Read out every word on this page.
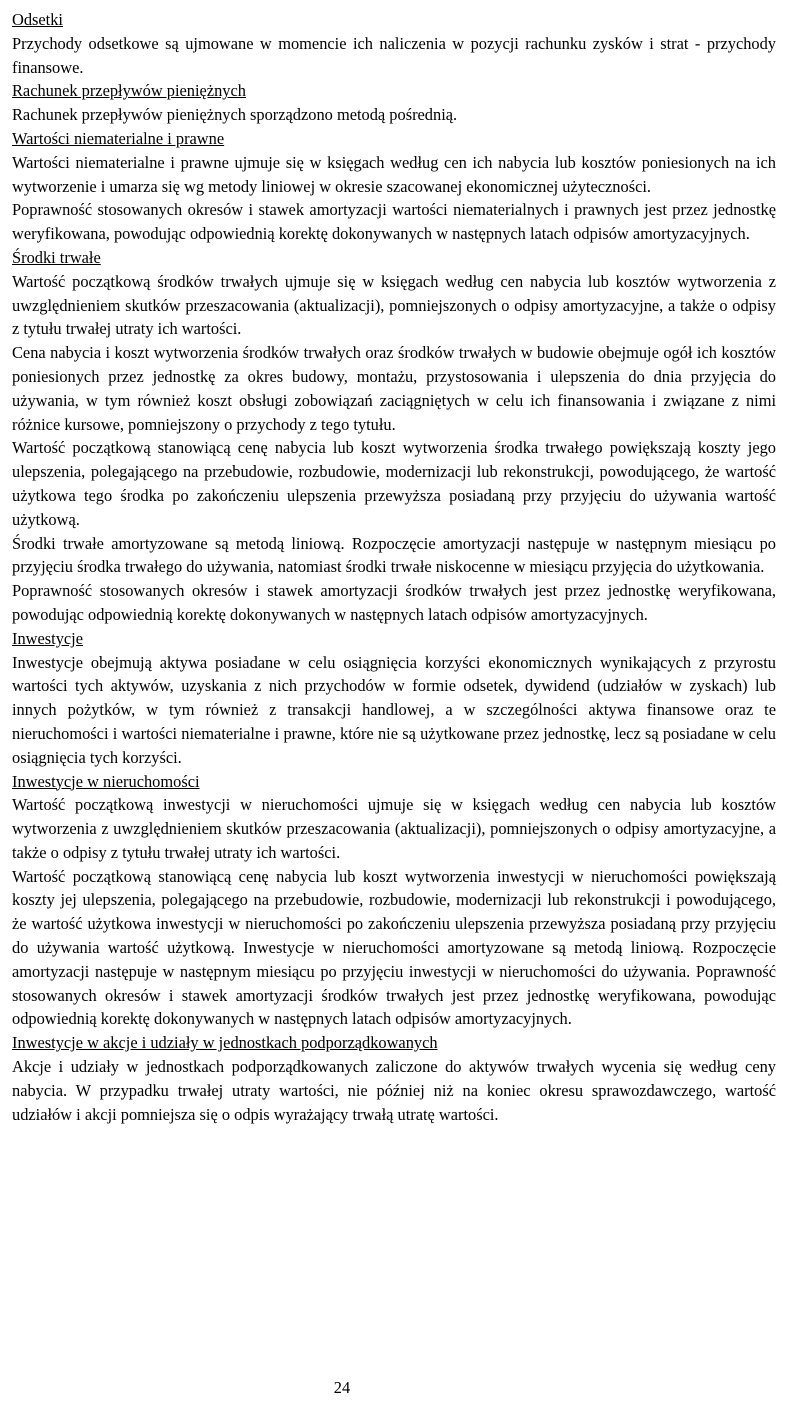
Odsetki

Przychody odsetkowe są ujmowane w momencie ich naliczenia w pozycji rachunku zysków i strat - przychody finansowe.

Rachunek przepływów pieniężnych

Rachunek przepływów pieniężnych sporządzono metodą pośrednią.

Wartości niematerialne i prawne

Wartości niematerialne i prawne ujmuje się w księgach według cen ich nabycia lub kosztów poniesionych na ich wytworzenie i umarza się wg metody liniowej w okresie szacowanej ekonomicznej użyteczności.

Poprawność stosowanych okresów i stawek amortyzacji wartości niematerialnych i prawnych jest przez jednostkę weryfikowana, powodując odpowiednią korektę dokonywanych w następnych latach odpisów amortyzacyjnych.

Środki trwałe

Wartość początkową środków trwałych ujmuje się w księgach według cen nabycia lub kosztów wytworzenia z uwzględnieniem skutków przeszacowania (aktualizacji), pomniejszonych o odpisy amortyzacyjne, a także o odpisy z tytułu trwałej utraty ich wartości.

Cena nabycia i koszt wytworzenia środków trwałych oraz środków trwałych w budowie obejmuje ogół ich kosztów poniesionych przez jednostkę za okres budowy, montażu, przystosowania i ulepszenia do dnia przyjęcia do używania, w tym również koszt obsługi zobowiązań zaciągniętych w celu ich finansowania i związane z nimi różnice kursowe, pomniejszony o przychody z tego tytułu.

Wartość początkową stanowiącą cenę nabycia lub koszt wytworzenia środka trwałego powiększają koszty jego ulepszenia, polegającego na przebudowie, rozbudowie, modernizacji lub rekonstrukcji, powodującego, że wartość użytkowa tego środka po zakończeniu ulepszenia przewyższa posiadaną przy przyjęciu do używania wartość użytkową.

Środki trwałe amortyzowane są metodą liniową. Rozpoczęcie amortyzacji następuje w następnym miesiącu po przyjęciu środka trwałego do używania, natomiast środki trwałe niskocenne w miesiącu przyjęcia do użytkowania.

Poprawność stosowanych okresów i stawek amortyzacji środków trwałych jest przez jednostkę weryfikowana, powodując odpowiednią korektę dokonywanych w następnych latach odpisów amortyzacyjnych.

Inwestycje

Inwestycje obejmują aktywa posiadane w celu osiągnięcia korzyści ekonomicznych wynikających z przyrostu wartości tych aktywów, uzyskania z nich przychodów w formie odsetek, dywidend (udziałów w zyskach) lub innych pożytków, w tym również z transakcji handlowej, a w szczególności aktywa finansowe oraz te nieruchomości i wartości niematerialne i prawne, które nie są użytkowane przez jednostkę, lecz są posiadane w celu osiągnięcia tych korzyści.

Inwestycje w nieruchomości

Wartość początkową inwestycji w nieruchomości ujmuje się w księgach według cen nabycia lub kosztów wytworzenia z uwzględnieniem skutków przeszacowania (aktualizacji), pomniejszonych o odpisy amortyzacyjne, a także o odpisy z tytułu trwałej utraty ich wartości.

Wartość początkową stanowiącą cenę nabycia lub koszt wytworzenia inwestycji w nieruchomości powiększają koszty jej ulepszenia, polegającego na przebudowie, rozbudowie, modernizacji lub rekonstrukcji i powodującego, że wartość użytkowa inwestycji w nieruchomości po zakończeniu ulepszenia przewyższa posiadaną przy przyjęciu do używania wartość użytkową. Inwestycje w nieruchomości amortyzowane są metodą liniową. Rozpoczęcie amortyzacji następuje w następnym miesiącu po przyjęciu inwestycji w nieruchomości do używania. Poprawność stosowanych okresów i stawek amortyzacji środków trwałych jest przez jednostkę weryfikowana, powodując odpowiednią korektę dokonywanych w następnych latach odpisów amortyzacyjnych.

Inwestycje w akcje i udziały w jednostkach podporządkowanych

Akcje i udziały w jednostkach podporządkowanych zaliczone do aktywów trwałych wycenia się według ceny nabycia. W przypadku trwałej utraty wartości, nie później niż na koniec okresu sprawozdawczego, wartość udziałów i akcji pomniejsza się o odpis wyrażający trwałą utratę wartości.

24
